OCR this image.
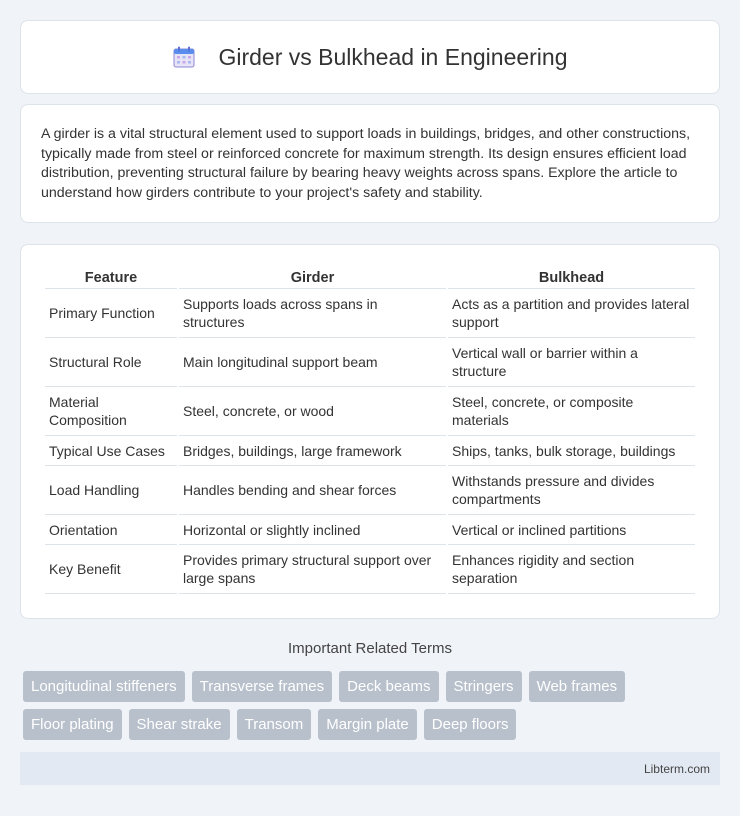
Girder vs Bulkhead in Engineering

A girder is a vital structural element used to support loads in buildings, bridges, and other constructions, typically made from steel or reinforced concrete for maximum strength. Its design ensures efficient load distribution, preventing structural failure by bearing heavy weights across spans. Explore the article to understand how girders contribute to your project's safety and stability.

Feature	Girder	Bulkhead
Primary Function	Supports loads across spans in structures	Acts as a partition and provides lateral support
Structural Role	Main longitudinal support beam	Vertical wall or barrier within a structure
Material Composition	Steel, concrete, or wood	Steel, concrete, or composite materials
Typical Use Cases	Bridges, buildings, large framework	Ships, tanks, bulk storage, buildings
Load Handling	Handles bending and shear forces	Withstands pressure and divides compartments
Orientation	Horizontal or slightly inclined	Vertical or inclined partitions
Key Benefit	Provides primary structural support over large spans	Enhances rigidity and section separation
Important Related Terms
Longitudinal stiffeners	Transverse frames	Deck beams	Stringers	Web frames
Floor plating	Shear strake	Transom	Margin plate	Deep floors
Libterm.com
